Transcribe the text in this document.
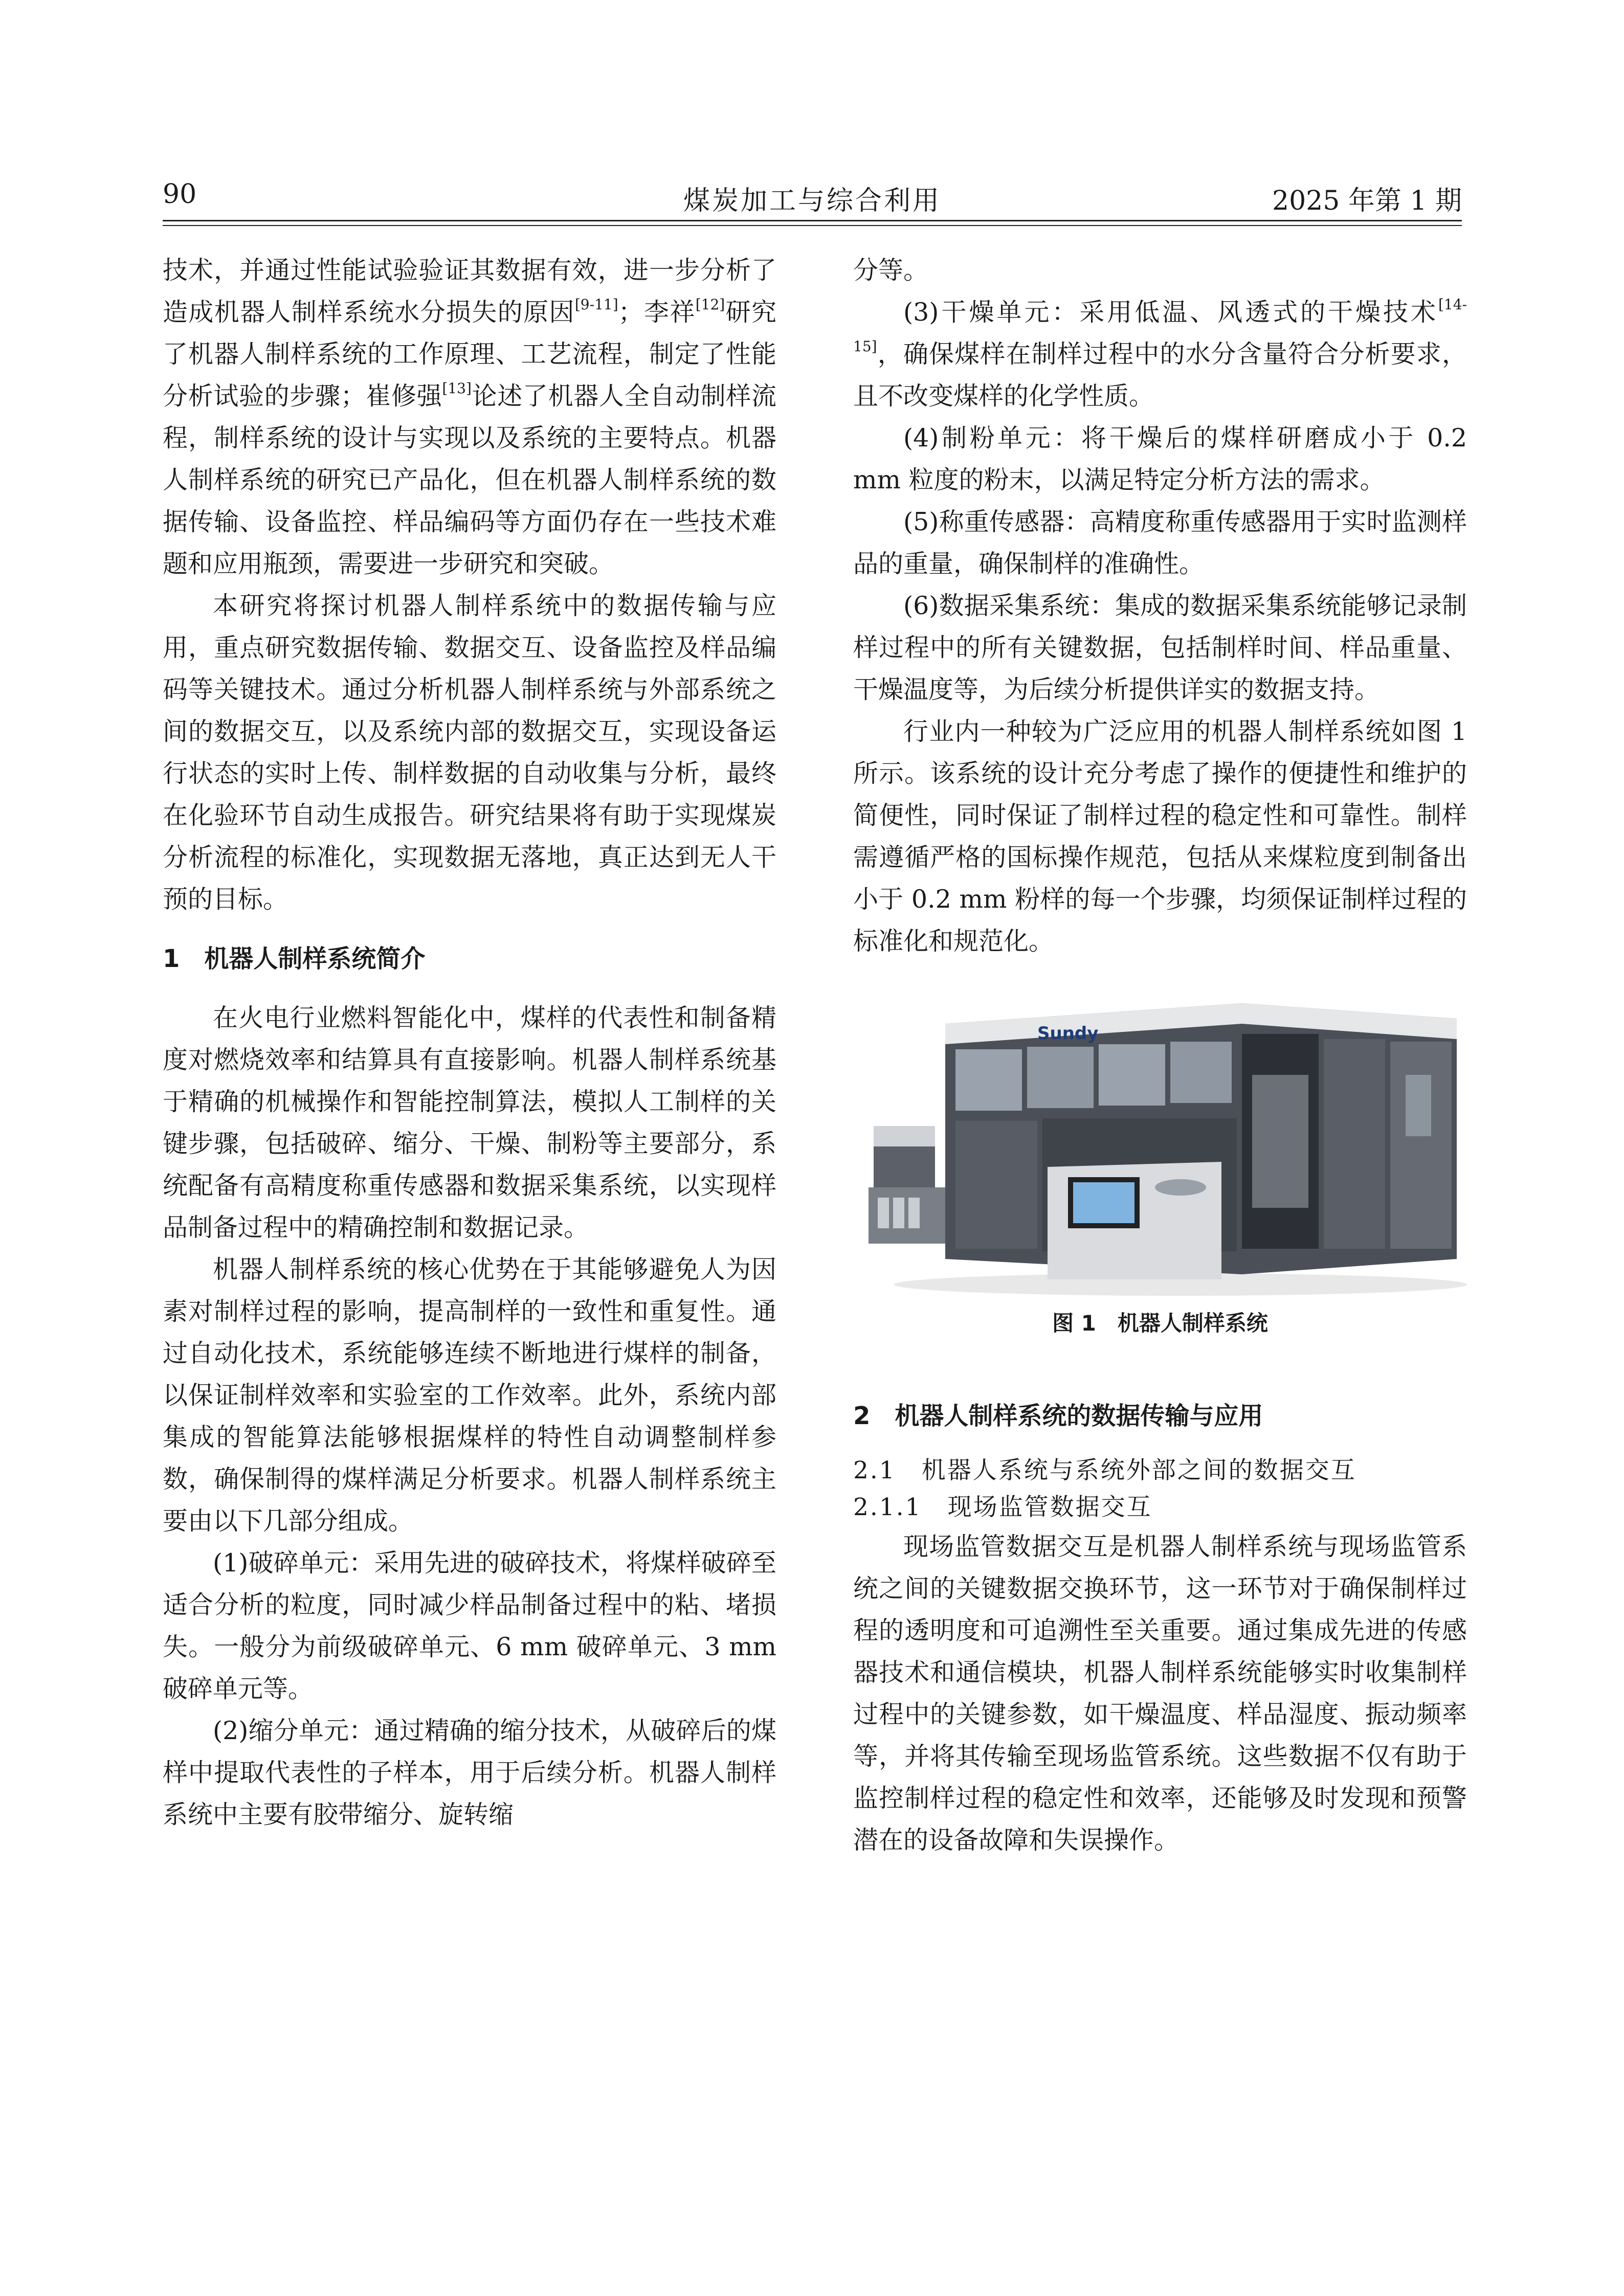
90	煤炭加工与综合利用	2025 年第 1 期

技术，并通过性能试验验证其数据有效，进一步分析了造成机器人制样系统水分损失的原因[9-11]；李祥[12]研究了机器人制样系统的工作原理、工艺流程，制定了性能分析试验的步骤；崔修强[13]论述了机器人全自动制样流程，制样系统的设计与实现以及系统的主要特点。机器人制样系统的研究已产品化，但在机器人制样系统的数据传输、设备监控、样品编码等方面仍存在一些技术难题和应用瓶颈，需要进一步研究和突破。

本研究将探讨机器人制样系统中的数据传输与应用，重点研究数据传输、数据交互、设备监控及样品编码等关键技术。通过分析机器人制样系统与外部系统之间的数据交互，以及系统内部的数据交互，实现设备运行状态的实时上传、制样数据的自动收集与分析，最终在化验环节自动生成报告。研究结果将有助于实现煤炭分析流程的标准化，实现数据无落地，真正达到无人干预的目标。

1　机器人制样系统简介

在火电行业燃料智能化中，煤样的代表性和制备精度对燃烧效率和结算具有直接影响。机器人制样系统基于精确的机械操作和智能控制算法，模拟人工制样的关键步骤，包括破碎、缩分、干燥、制粉等主要部分，系统配备有高精度称重传感器和数据采集系统，以实现样品制备过程中的精确控制和数据记录。

机器人制样系统的核心优势在于其能够避免人为因素对制样过程的影响，提高制样的一致性和重复性。通过自动化技术，系统能够连续不断地进行煤样的制备，以保证制样效率和实验室的工作效率。此外，系统内部集成的智能算法能够根据煤样的特性自动调整制样参数，确保制得的煤样满足分析要求。机器人制样系统主要由以下几部分组成。

(1)破碎单元：采用先进的破碎技术，将煤样破碎至适合分析的粒度，同时减少样品制备过程中的粘、堵损失。一般分为前级破碎单元、6 mm 破碎单元、3 mm 破碎单元等。

(2)缩分单元：通过精确的缩分技术，从破碎后的煤样中提取代表性的子样本，用于后续分析。机器人制样系统中主要有胶带缩分、旋转缩

分等。

(3)干燥单元：采用低温、风透式的干燥技术[14-15]，确保煤样在制样过程中的水分含量符合分析要求，且不改变煤样的化学性质。

(4)制粉单元：将干燥后的煤样研磨成小于 0.2 mm 粒度的粉末，以满足特定分析方法的需求。

(5)称重传感器：高精度称重传感器用于实时监测样品的重量，确保制样的准确性。

(6)数据采集系统：集成的数据采集系统能够记录制样过程中的所有关键数据，包括制样时间、样品重量、干燥温度等，为后续分析提供详实的数据支持。

行业内一种较为广泛应用的机器人制样系统如图 1 所示。该系统的设计充分考虑了操作的便捷性和维护的简便性，同时保证了制样过程的稳定性和可靠性。制样需遵循严格的国标操作规范，包括从来煤粒度到制备出小于 0.2 mm 粉样的每一个步骤，均须保证制样过程的标准化和规范化。

Sundy

图 1　机器人制样系统

2　机器人制样系统的数据传输与应用

2.1　机器人系统与系统外部之间的数据交互

2.1.1　现场监管数据交互

现场监管数据交互是机器人制样系统与现场监管系统之间的关键数据交换环节，这一环节对于确保制样过程的透明度和可追溯性至关重要。通过集成先进的传感器技术和通信模块，机器人制样系统能够实时收集制样过程中的关键参数，如干燥温度、样品湿度、振动频率等，并将其传输至现场监管系统。这些数据不仅有助于监控制样过程的稳定性和效率，还能够及时发现和预警潜在的设备故障和失误操作。
